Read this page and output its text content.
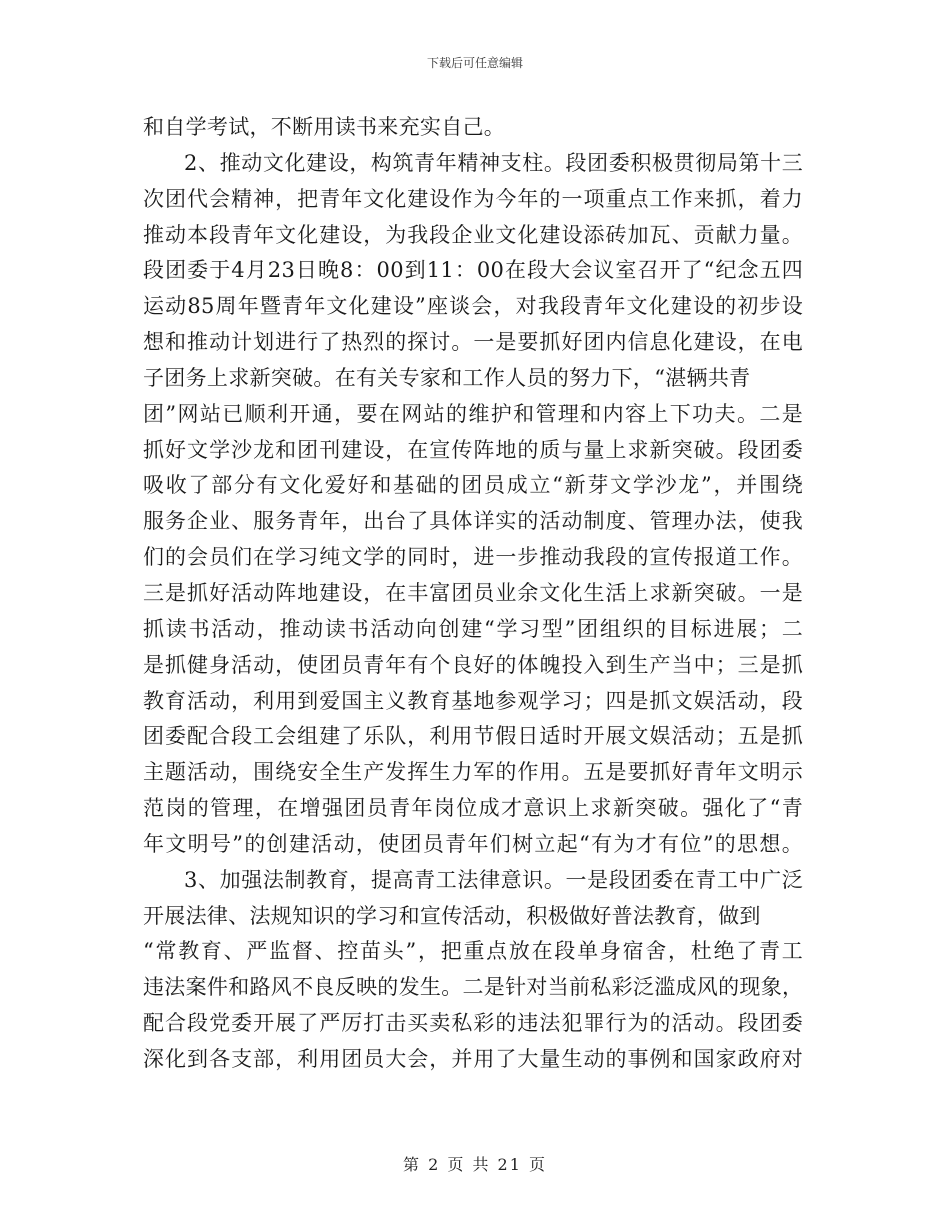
下载后可任意编辑
和自学考试，不断用读书来充实自己。
2、推动文化建设，构筑青年精神支柱。段团委积极贯彻局第十三
次团代会精神，把青年文化建设作为今年的一项重点工作来抓，着力
推动本段青年文化建设，为我段企业文化建设添砖加瓦、贡献力量。
段团委于4月23日晚8：00到11：00在段大会议室召开了“纪念五四
运动85周年暨青年文化建设”座谈会，对我段青年文化建设的初步设
想和推动计划进行了热烈的探讨。一是要抓好团内信息化建设，在电
子团务上求新突破。在有关专家和工作人员的努力下，“湛辆共青
团”网站已顺利开通，要在网站的维护和管理和内容上下功夫。二是
抓好文学沙龙和团刊建设，在宣传阵地的质与量上求新突破。段团委
吸收了部分有文化爱好和基础的团员成立“新芽文学沙龙”，并围绕
服务企业、服务青年，出台了具体详实的活动制度、管理办法，使我
们的会员们在学习纯文学的同时，进一步推动我段的宣传报道工作。
三是抓好活动阵地建设，在丰富团员业余文化生活上求新突破。一是
抓读书活动，推动读书活动向创建“学习型”团组织的目标进展；二
是抓健身活动，使团员青年有个良好的体魄投入到生产当中；三是抓
教育活动，利用到爱国主义教育基地参观学习；四是抓文娱活动，段
团委配合段工会组建了乐队，利用节假日适时开展文娱活动；五是抓
主题活动，围绕安全生产发挥生力军的作用。五是要抓好青年文明示
范岗的管理，在增强团员青年岗位成才意识上求新突破。强化了“青
年文明号”的创建活动，使团员青年们树立起“有为才有位”的思想。
3、加强法制教育，提高青工法律意识。一是段团委在青工中广泛
开展法律、法规知识的学习和宣传活动，积极做好普法教育，做到
“常教育、严监督、控苗头”，把重点放在段单身宿舍，杜绝了青工
违法案件和路风不良反映的发生。二是针对当前私彩泛滥成风的现象，
配合段党委开展了严厉打击买卖私彩的违法犯罪行为的活动。段团委
深化到各支部，利用团员大会，并用了大量生动的事例和国家政府对
第 2 页 共 21 页
